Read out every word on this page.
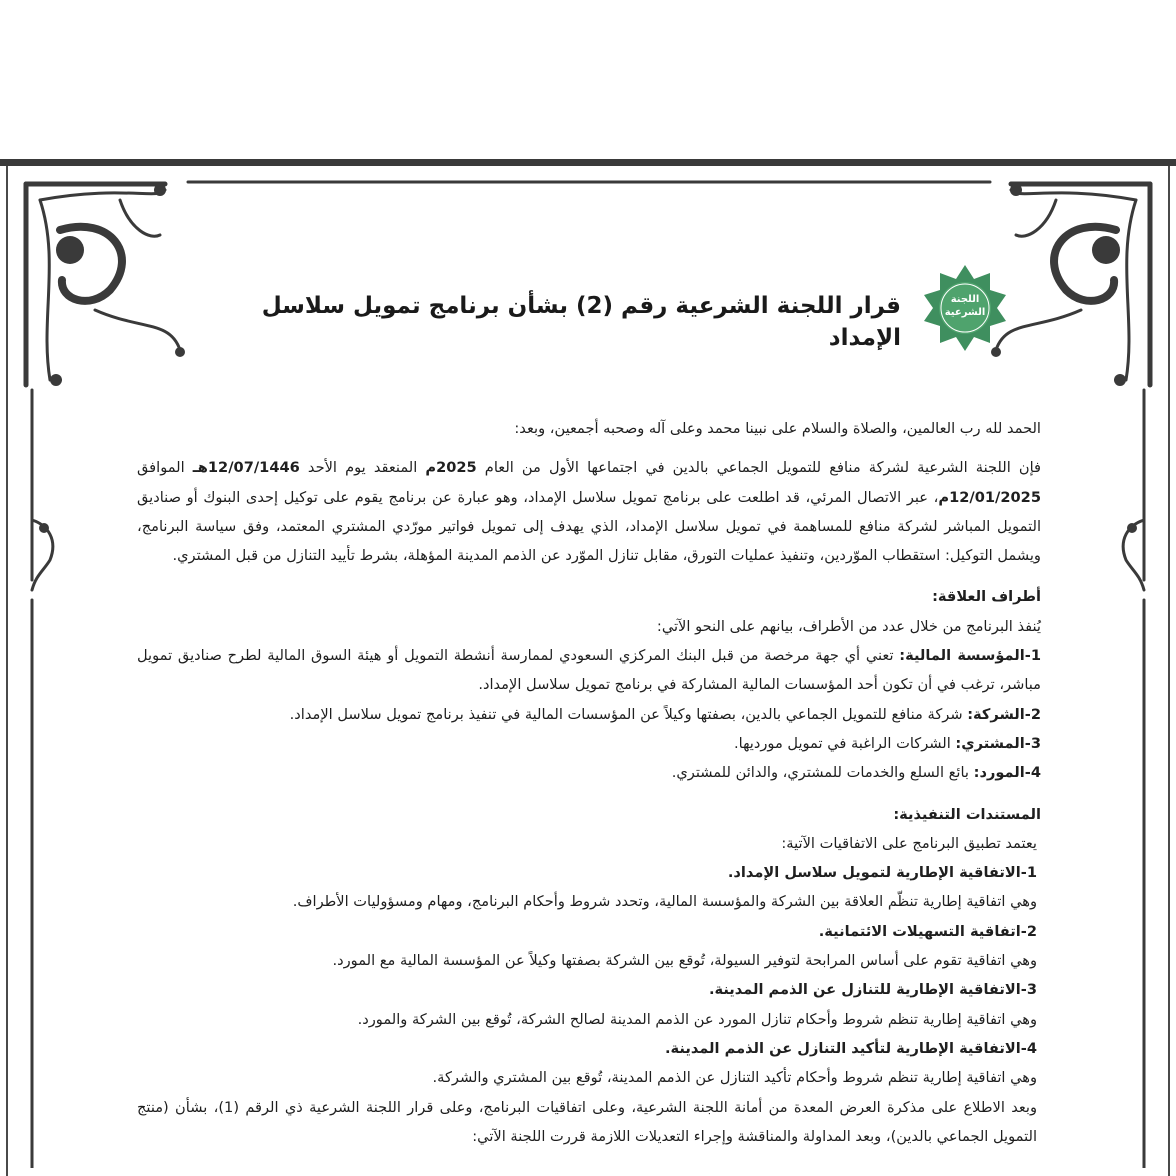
اللجنة
الشرعية
قرار اللجنة الشرعية رقم (2) بشأن برنامج تمويل سلاسل الإمداد

الحمد لله رب العالمين، والصلاة والسلام على نبينا محمد وعلى آله وصحبه أجمعين، وبعد:

فإن اللجنة الشرعية لشركة منافع للتمويل الجماعي بالدين في اجتماعها الأول من العام 2025م المنعقد يوم الأحد 12/07/1446هـ الموافق 12/01/2025م، عبر الاتصال المرئي، قد اطلعت على برنامج تمويل سلاسل الإمداد، وهو عبارة عن برنامج يقوم على توكيل إحدى البنوك أو صناديق التمويل المباشر لشركة منافع للمساهمة في تمويل سلاسل الإمداد، الذي يهدف إلى تمويل فواتير مورّدي المشتري المعتمد، وفق سياسة البرنامج، ويشمل التوكيل: استقطاب الموّردين، وتنفيذ عمليات التورق، مقابل تنازل الموّرد عن الذمم المدينة المؤهلة، بشرط تأييد التنازل من قبل المشتري.

أطراف العلاقة:

يُنفذ البرنامج من خلال عدد من الأطراف، بيانهم على النحو الآتي:

1-المؤسسة المالية: تعني أي جهة مرخصة من قبل البنك المركزي السعودي لممارسة أنشطة التمويل أو هيئة السوق المالية لطرح صناديق تمويل مباشر، ترغب في أن تكون أحد المؤسسات المالية المشاركة في برنامج تمويل سلاسل الإمداد.

2-الشركة: شركة منافع للتمويل الجماعي بالدين، بصفتها وكيلاً عن المؤسسات المالية في تنفيذ برنامج تمويل سلاسل الإمداد.

3-المشتري: الشركات الراغبة في تمويل مورديها.

4-المورد: بائع السلع والخدمات للمشتري، والدائن للمشتري.

المستندات التنفيذية:

يعتمد تطبيق البرنامج على الاتفاقيات الآتية:

1-الاتفاقية الإطارية لتمويل سلاسل الإمداد.

وهي اتفاقية إطارية تنظّم العلاقة بين الشركة والمؤسسة المالية، وتحدد شروط وأحكام البرنامج، ومهام ومسؤوليات الأطراف.

2-اتفاقية التسهيلات الائتمانية.

وهي اتفاقية تقوم على أساس المرابحة لتوفير السيولة، تُوقع بين الشركة بصفتها وكيلاً عن المؤسسة المالية مع المورد.

3-الاتفاقية الإطارية للتنازل عن الذمم المدينة.

وهي اتفاقية إطارية تنظم شروط وأحكام تنازل المورد عن الذمم المدينة لصالح الشركة، تُوقع بين الشركة والمورد.

4-الاتفاقية الإطارية لتأكيد التنازل عن الذمم المدينة.

وهي اتفاقية إطارية تنظم شروط وأحكام تأكيد التنازل عن الذمم المدينة، تُوقع بين المشتري والشركة.

وبعد الاطلاع على مذكرة العرض المعدة من أمانة اللجنة الشرعية، وعلى اتفاقيات البرنامج، وعلى قرار اللجنة الشرعية ذي الرقم (1)، بشأن (منتج التمويل الجماعي بالدين)، وبعد المداولة والمناقشة وإجراء التعديلات اللازمة قررت اللجنة الآتي:
